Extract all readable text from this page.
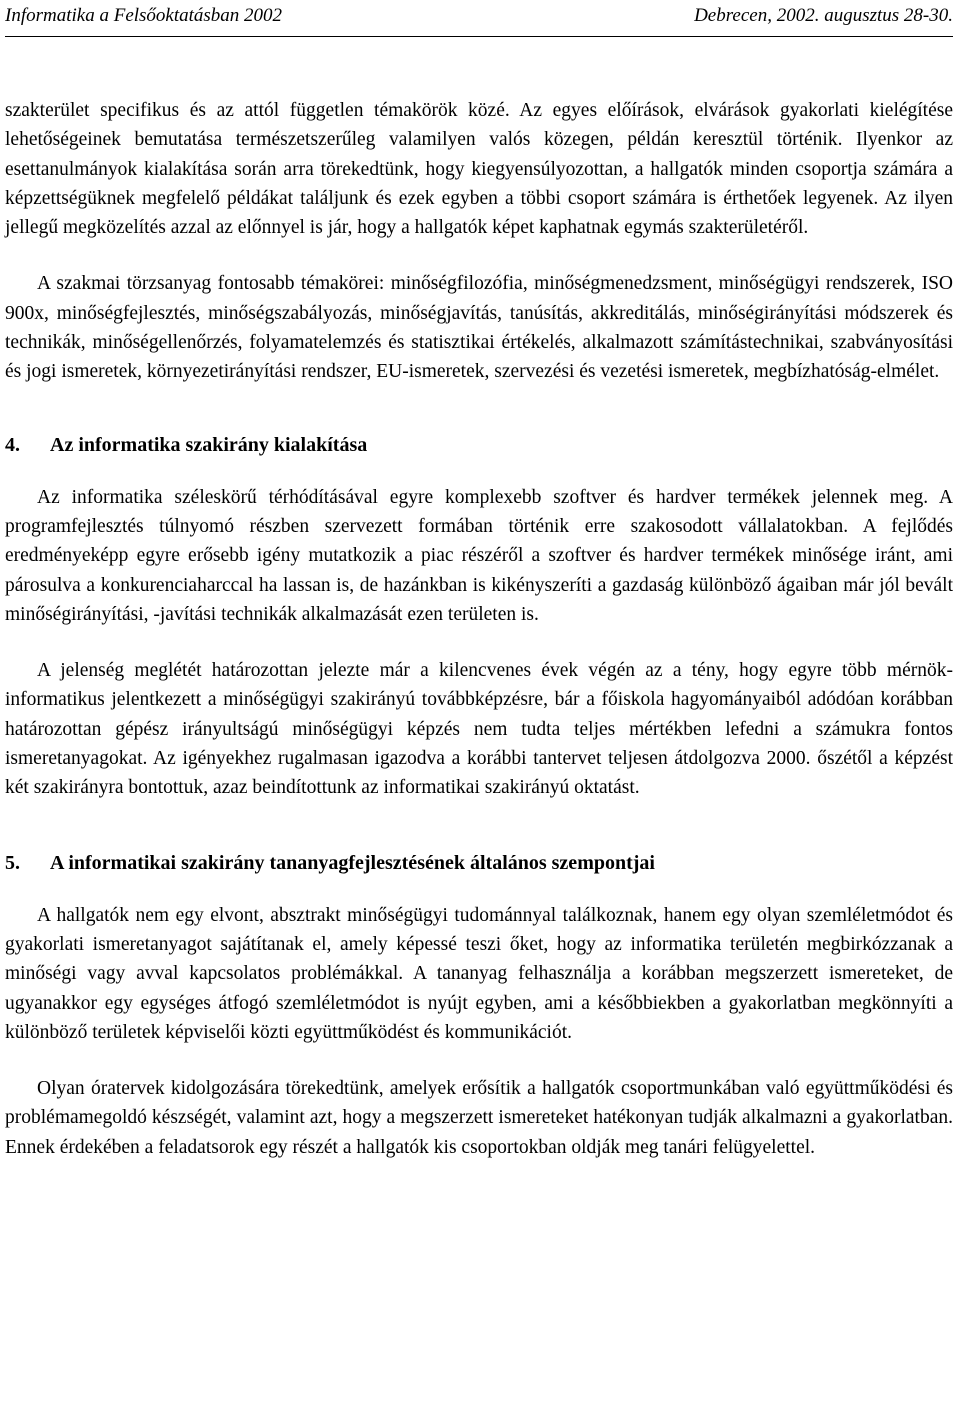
Informatika a Felsőoktatásban 2002	Debrecen, 2002. augusztus 28-30.

szakterület specifikus és az attól független témakörök közé. Az egyes előírások, elvárások gyakorlati kielégítése lehetőségeinek bemutatása természetszerűleg valamilyen valós közegen, példán keresztül történik. Ilyenkor az esettanulmányok kialakítása során arra törekedtünk, hogy kiegyensúlyozottan, a hallgatók minden csoportja számára a képzettségüknek megfelelő példákat találjunk és ezek egyben a többi csoport számára is érthetőek legyenek. Az ilyen jellegű megközelítés azzal az előnnyel is jár, hogy a hallgatók képet kaphatnak egymás szakterületéről.

A szakmai törzsanyag fontosabb témakörei: minőségfilozófia, minőségmenedzsment, minőségügyi rendszerek, ISO 900x, minőségfejlesztés, minőségszabályozás, minőségjavítás, tanúsítás, akkreditálás, minőségirányítási módszerek és technikák, minőségellenőrzés, folyamatelemzés és statisztikai értékelés, alkalmazott számítástechnikai, szabványosítási és jogi ismeretek, környezetirányítási rendszer, EU-ismeretek, szervezési és vezetési ismeretek, megbízhatóság-elmélet.

4.	Az informatika szakirány kialakítása

Az informatika széleskörű térhódításával egyre komplexebb szoftver és hardver termékek jelennek meg. A programfejlesztés túlnyomó részben szervezett formában történik erre szakosodott vállalatokban. A fejlődés eredményeképp egyre erősebb igény mutatkozik a piac részéről a szoftver és hardver termékek minősége iránt, ami párosulva a konkurenciaharccal ha lassan is, de hazánkban is kikényszeríti a gazdaság különböző ágaiban már jól bevált minőségirányítási, -javítási technikák alkalmazását ezen területen is.

A jelenség meglétét határozottan jelezte már a kilencvenes évek végén az a tény, hogy egyre több mérnök-informatikus jelentkezett a minőségügyi szakirányú továbbképzésre, bár a főiskola hagyományaiból adódóan korábban határozottan gépész irányultságú minőségügyi képzés nem tudta teljes mértékben lefedni a számukra fontos ismeretanyagokat. Az igényekhez rugalmasan igazodva a korábbi tantervet teljesen átdolgozva 2000. őszétől a képzést két szakirányra bontottuk, azaz beindítottunk az informatikai szakirányú oktatást.

5.	A informatikai szakirány tananyagfejlesztésének általános szempontjai

A hallgatók nem egy elvont, absztrakt minőségügyi tudománnyal találkoznak, hanem egy olyan szemléletmódot és gyakorlati ismeretanyagot sajátítanak el, amely képessé teszi őket, hogy az informatika területén megbirkózzanak a minőségi vagy avval kapcsolatos problémákkal. A tananyag felhasználja a korábban megszerzett ismereteket, de ugyanakkor egy egységes átfogó szemléletmódot is nyújt egyben, ami a későbbiekben a gyakorlatban megkönnyíti a különböző területek képviselői közti együttműködést és kommunikációt.

Olyan óratervek kidolgozására törekedtünk, amelyek erősítik a hallgatók csoportmunkában való együttműködési és problémamegoldó készségét, valamint azt, hogy a megszerzett ismereteket hatékonyan tudják alkalmazni a gyakorlatban. Ennek érdekében a feladatsorok egy részét a hallgatók kis csoportokban oldják meg tanári felügyelettel.
